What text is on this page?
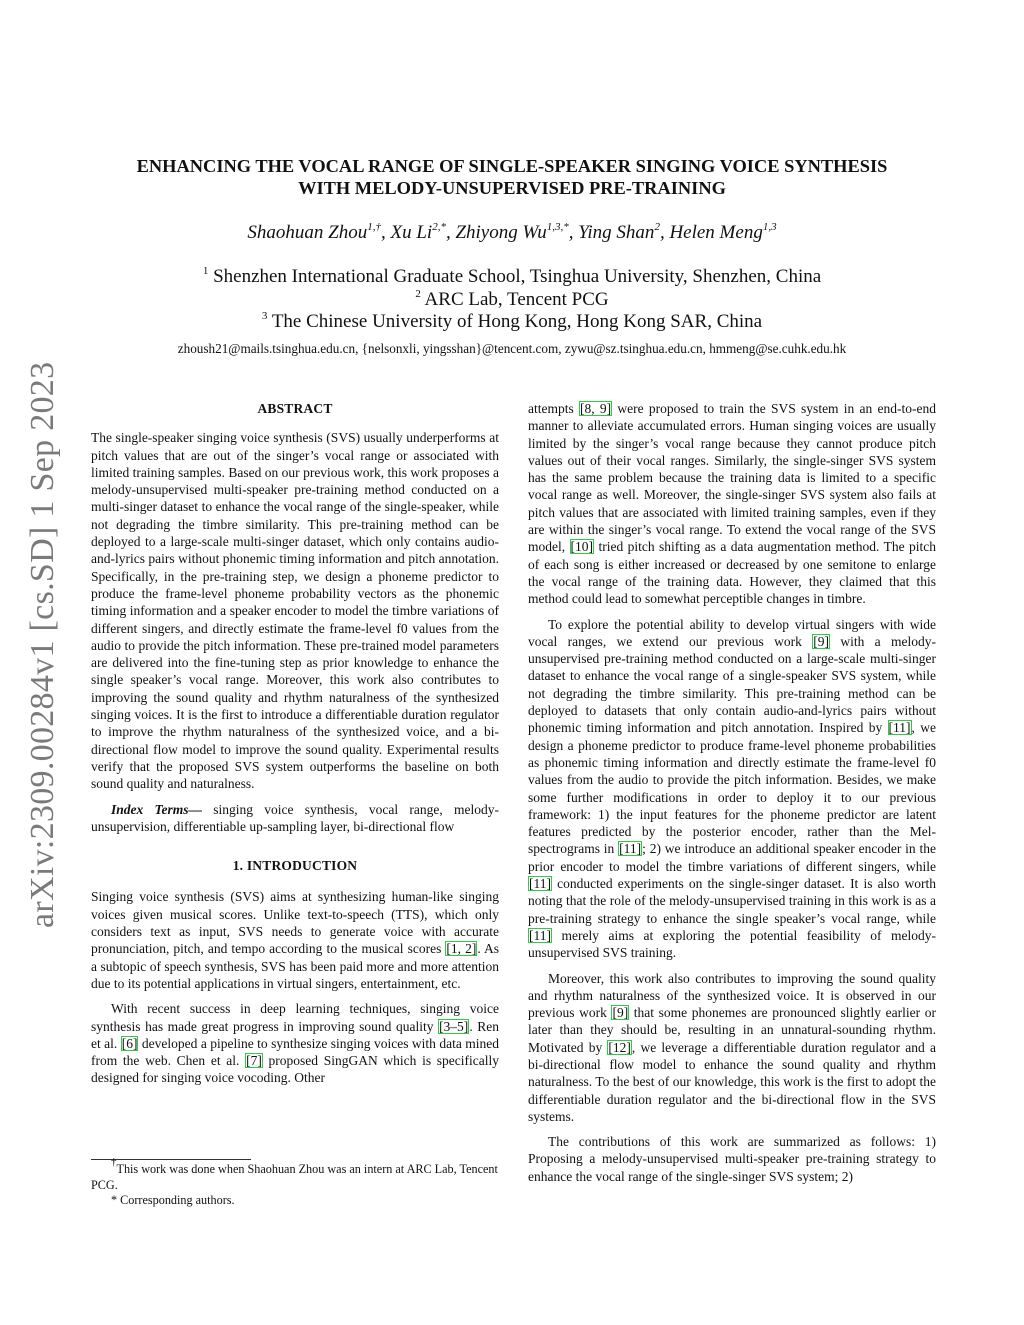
arXiv:2309.00284v1 [cs.SD] 1 Sep 2023
ENHANCING THE VOCAL RANGE OF SINGLE-SPEAKER SINGING VOICE SYNTHESIS
WITH MELODY-UNSUPERVISED PRE-TRAINING
Shaohuan Zhou$^{1,\dagger}$, Xu $Li^{2,*}$, Zhiyong $Wu^{1,3,*}$, Ying Shan$^2$, Helen Meng$^{1,3}$
$^1$ Shenzhen International Graduate School, Tsinghua University, Shenzhen, China
$^2$ ARC Lab, Tencent PCG
$^3$ The Chinese University of Hong Kong, Hong Kong SAR, China
zhoush21@mails.tsinghua.edu.cn, {nelsonxli, yingsshan}@tencent.com, zywu@sz.tsinghua.edu.cn, hmmeng@se.cuhk.edu.hk

ABSTRACT

The single-speaker singing voice synthesis (SVS) usually underperforms at pitch values that are out of the singer’s vocal range or associated with limited training samples. Based on our previous work, this work proposes a melody-unsupervised multi-speaker pre-training method conducted on a multi-singer dataset to enhance the vocal range of the single-speaker, while not degrading the timbre similarity. This pre-training method can be deployed to a large-scale multi-singer dataset, which only contains audio-and-lyrics pairs without phonemic timing information and pitch annotation. Specifically, in the pre-training step, we design a phoneme predictor to produce the frame-level phoneme probability vectors as the phonemic timing information and a speaker encoder to model the timbre variations of different singers, and directly estimate the frame-level f0 values from the audio to provide the pitch information. These pre-trained model parameters are delivered into the fine-tuning step as prior knowledge to enhance the single speaker’s vocal range. Moreover, this work also contributes to improving the sound quality and rhythm naturalness of the synthesized singing voices. It is the first to introduce a differentiable duration regulator to improve the rhythm naturalness of the synthesized voice, and a bi-directional flow model to improve the sound quality. Experimental results verify that the proposed SVS system outperforms the baseline on both sound quality and naturalness.

Index Terms— singing voice synthesis, vocal range, melody-unsupervision, differentiable up-sampling layer, bi-directional flow

1. INTRODUCTION

Singing voice synthesis (SVS) aims at synthesizing human-like singing voices given musical scores. Unlike text-to-speech (TTS), which only considers text as input, SVS needs to generate voice with accurate pronunciation, pitch, and tempo according to the musical scores [1, 2]. As a subtopic of speech synthesis, SVS has been paid more and more attention due to its potential applications in virtual singers, entertainment, etc.

With recent success in deep learning techniques, singing voice synthesis has made great progress in improving sound quality [3–5]. Ren et al. [6] developed a pipeline to synthesize singing voices with data mined from the web. Chen et al. [7] proposed SingGAN which is specifically designed for singing voice vocoding. Other

†This work was done when Shaohuan Zhou was an intern at ARC Lab, Tencent PCG.

* Corresponding authors.

attempts [8, 9] were proposed to train the SVS system in an end-to-end manner to alleviate accumulated errors. Human singing voices are usually limited by the singer’s vocal range because they cannot produce pitch values out of their vocal ranges. Similarly, the single-singer SVS system has the same problem because the training data is limited to a specific vocal range as well. Moreover, the single-singer SVS system also fails at pitch values that are associated with limited training samples, even if they are within the singer’s vocal range. To extend the vocal range of the SVS model, [10] tried pitch shifting as a data augmentation method. The pitch of each song is either increased or decreased by one semitone to enlarge the vocal range of the training data. However, they claimed that this method could lead to somewhat perceptible changes in timbre.

To explore the potential ability to develop virtual singers with wide vocal ranges, we extend our previous work [9] with a melody-unsupervised pre-training method conducted on a large-scale multi-singer dataset to enhance the vocal range of a single-speaker SVS system, while not degrading the timbre similarity. This pre-training method can be deployed to datasets that only contain audio-and-lyrics pairs without phonemic timing information and pitch annotation. Inspired by [11], we design a phoneme predictor to produce frame-level phoneme probabilities as phonemic timing information and directly estimate the frame-level f0 values from the audio to provide the pitch information. Besides, we make some further modifications in order to deploy it to our previous framework: 1) the input features for the phoneme predictor are latent features predicted by the posterior encoder, rather than the Mel-spectrograms in [11]; 2) we introduce an additional speaker encoder in the prior encoder to model the timbre variations of different singers, while [11] conducted experiments on the single-singer dataset. It is also worth noting that the role of the melody-unsupervised training in this work is as a pre-training strategy to enhance the single speaker’s vocal range, while [11] merely aims at exploring the potential feasibility of melody-unsupervised SVS training.

Moreover, this work also contributes to improving the sound quality and rhythm naturalness of the synthesized voice. It is observed in our previous work [9] that some phonemes are pronounced slightly earlier or later than they should be, resulting in an unnatural-sounding rhythm. Motivated by [12], we leverage a differentiable duration regulator and a bi-directional flow model to enhance the sound quality and rhythm naturalness. To the best of our knowledge, this work is the first to adopt the differentiable duration regulator and the bi-directional flow in the SVS systems.

The contributions of this work are summarized as follows: 1) Proposing a melody-unsupervised multi-speaker pre-training strategy to enhance the vocal range of the single-singer SVS system; 2)
